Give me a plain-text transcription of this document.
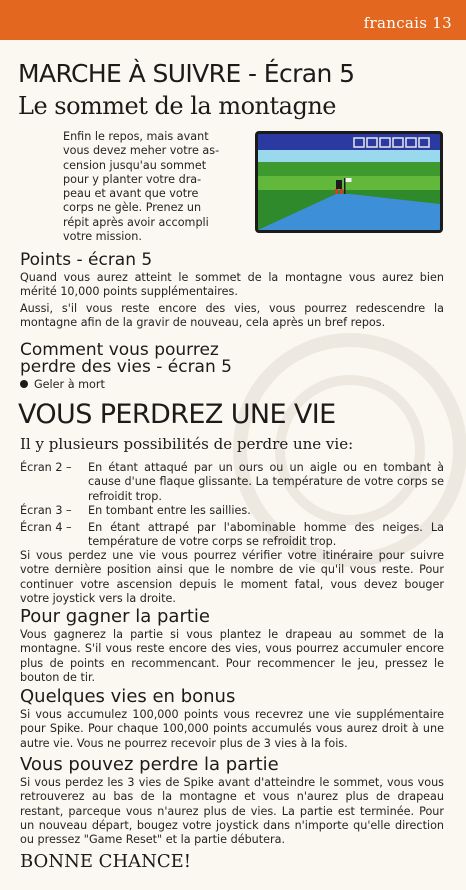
francais 13
MARCHE À SUIVRE - Écran 5
Le sommet de la montagne
Enfin le repos, mais avant
vous devez meher votre as-
cension jusqu'au sommet
pour y planter votre dra-
peau et avant que votre
corps ne gèle. Prenez un
répit après avoir accompli
votre mission.
Points - écran 5
Quand vous aurez atteint le sommet de la montagne vous aurez bien mérité 10,000 points supplémentaires.
Aussi, s'il vous reste encore des vies, vous pourrez redescendre la montagne afin de la gravir de nouveau, cela après un bref repos.
Comment vous pourrez
perdre des vies - écran 5
Geler à mort
VOUS PERDREZ UNE VIE
Il y plusieurs possibilités de perdre une vie:
Écran 2 –	En étant attaqué par un ours ou un aigle ou en tombant à cause d'une flaque glissante. La température de votre corps se refroidit trop.
Écran 3 –	En tombant entre les saillies.
Écran 4 –	En étant attrapé par l'abominable homme des neiges. La température de votre corps se refroidit trop.
Si vous perdez une vie vous pourrez vérifier votre itinéraire pour suivre votre dernière position ainsi que le nombre de vie qu'il vous reste. Pour continuer votre ascension depuis le moment fatal, vous devez bouger votre joystick vers la droite.
Pour gagner la partie
Vous gagnerez la partie si vous plantez le drapeau au sommet de la montagne. S'il vous reste encore des vies, vous pourrez accumuler encore plus de points en recommencant. Pour recommencer le jeu, pressez le bouton de tir.
Quelques vies en bonus
Si vous accumulez 100,000 points vous recevrez une vie supplémentaire pour Spike. Pour chaque 100,000 points accumulés vous aurez droit à une autre vie. Vous ne pourrez recevoir plus de 3 vies à la fois.
Vous pouvez perdre la partie
Si vous perdez les 3 vies de Spike avant d'atteindre le sommet, vous vous retrouverez au bas de la montagne et vous n'aurez plus de drapeau restant, parceque vous n'aurez plus de vies. La partie est terminée. Pour un nouveau départ, bougez votre joystick dans n'importe qu'elle direction ou pressez "Game Reset" et la partie débutera.
BONNE CHANCE!
